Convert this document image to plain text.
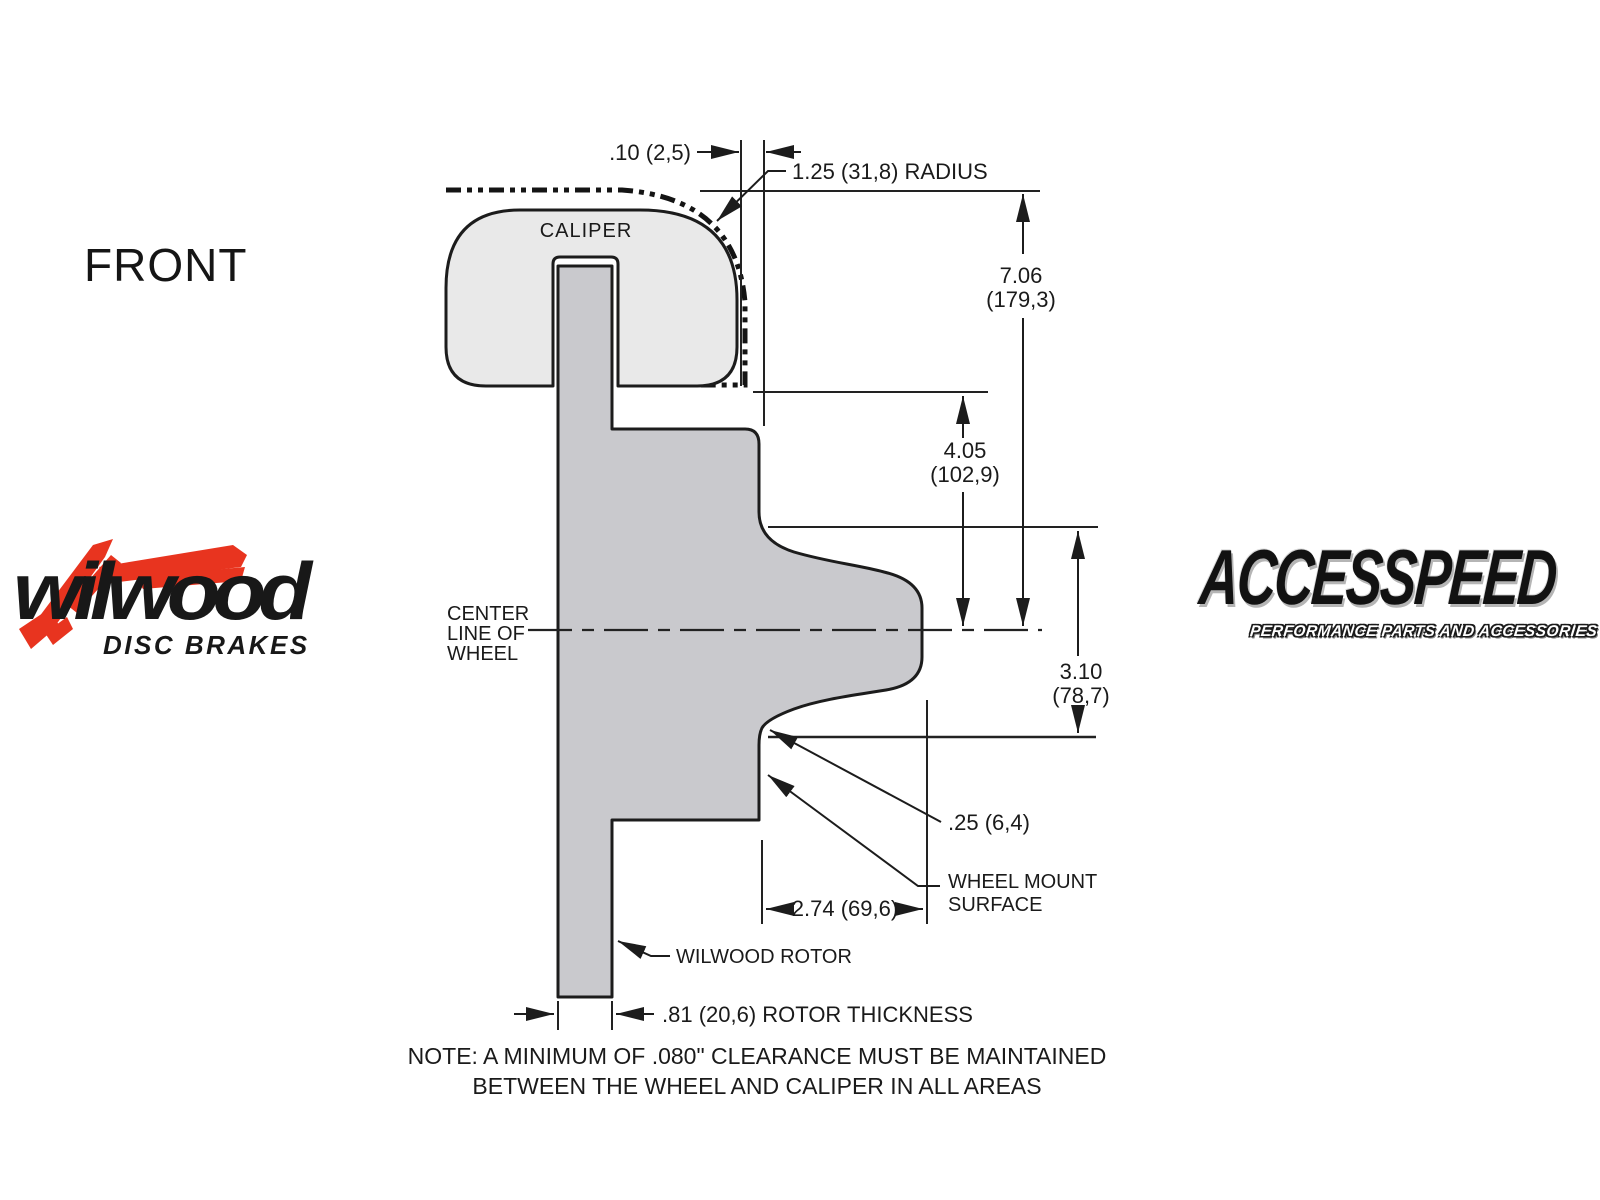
FRONT
wilwood
DISC BRAKES
ACCESSPEED
PERFORMANCE PARTS AND ACCESSORIES
.10 (2,5)
1.25 (31,8) RADIUS
7.06
(179,3)
4.05
(102,9)
3.10
(78,7)
.25 (6,4)
WHEEL MOUNT
SURFACE
2.74 (69,6)
.81 (20,6) ROTOR THICKNESS
WILWOOD ROTOR
CALIPER
CENTER
LINE OF
WHEEL
NOTE: A MINIMUM OF .080" CLEARANCE MUST BE MAINTAINED
BETWEEN THE WHEEL AND CALIPER IN ALL AREAS
